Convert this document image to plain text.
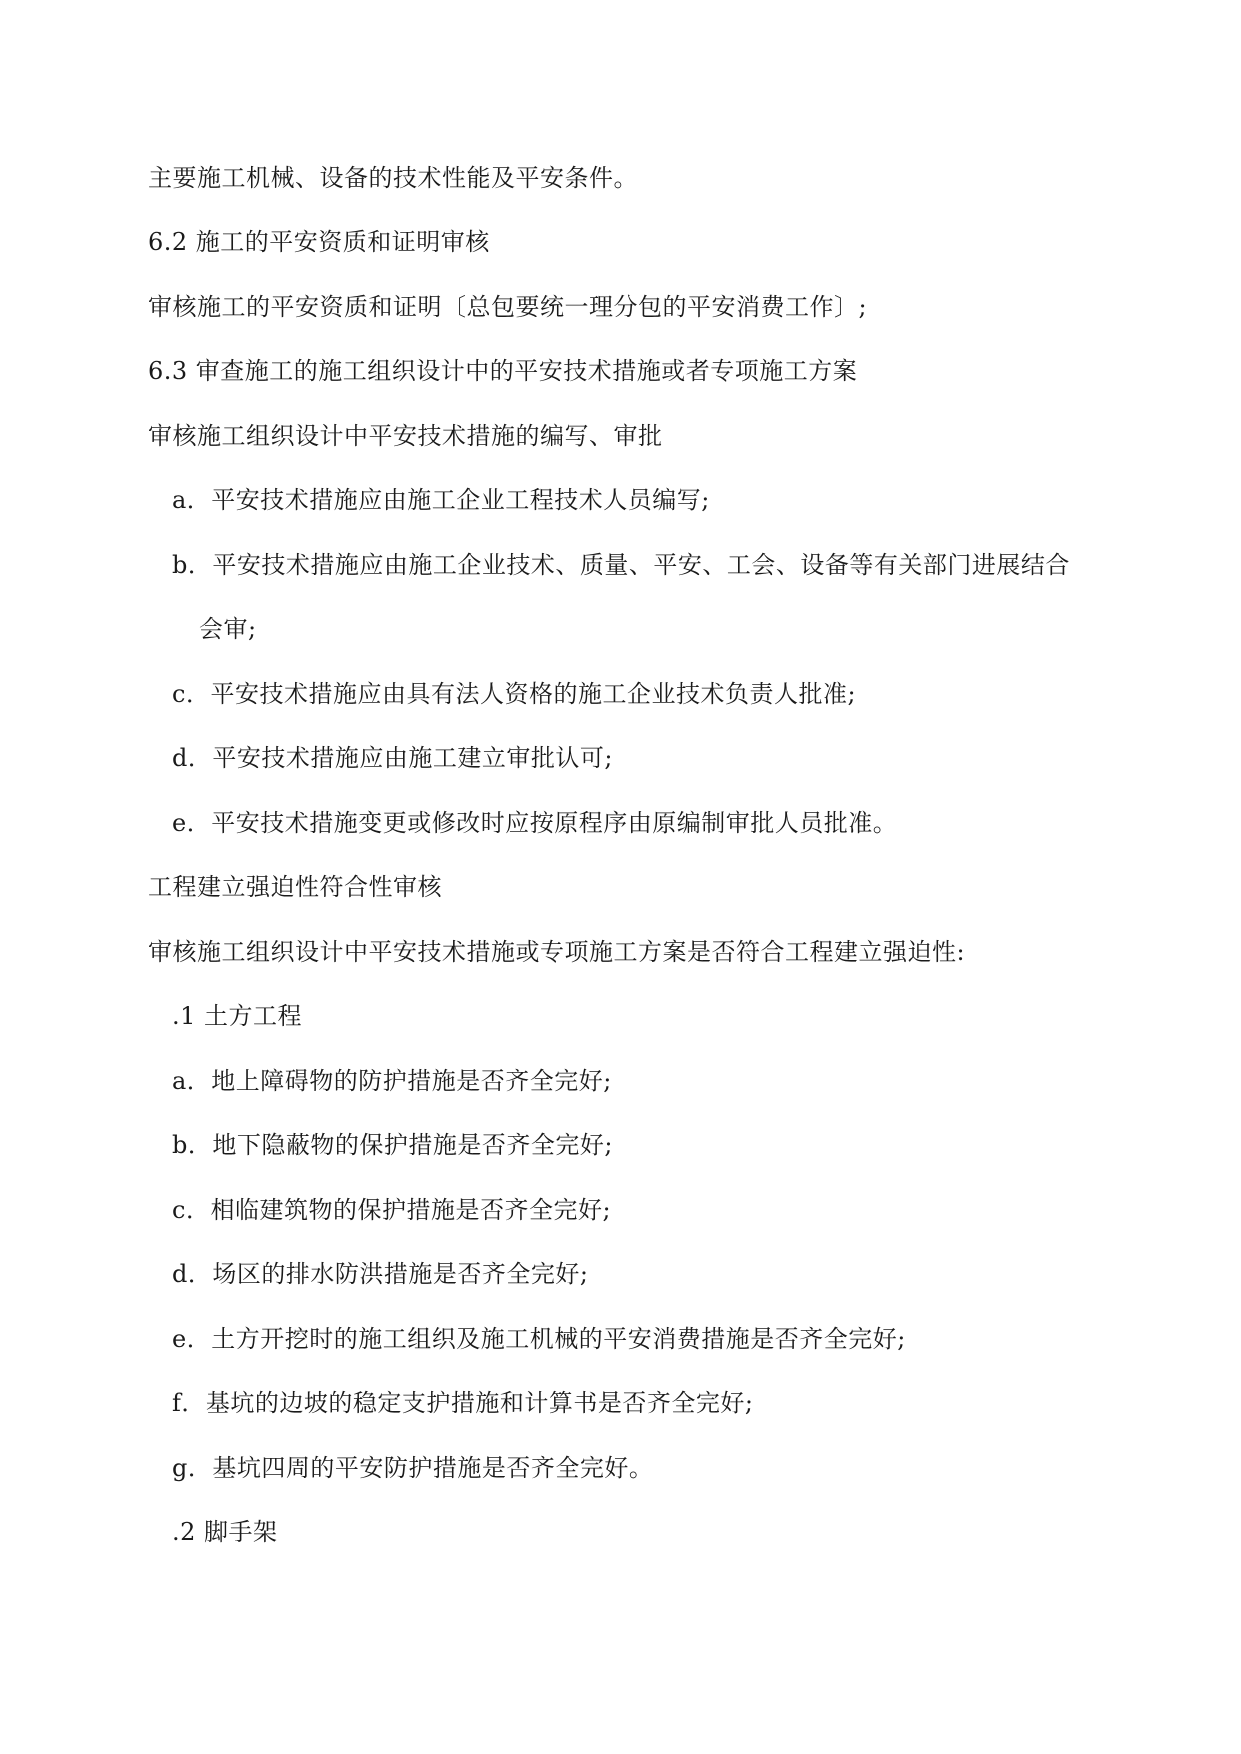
主要施工机械、设备的技术性能及平安条件。
6.2 施工的平安资质和证明审核
审核施工的平安资质和证明〔总包要统一理分包的平安消费工作〕;
6.3 审查施工的施工组织设计中的平安技术措施或者专项施工方案
审核施工组织设计中平安技术措施的编写、审批
a．平安技术措施应由施工企业工程技术人员编写;
b．平安技术措施应由施工企业技术、质量、平安、工会、设备等有关部门进展结合
会审;
c．平安技术措施应由具有法人资格的施工企业技术负责人批准;
d．平安技术措施应由施工建立审批认可;
e．平安技术措施变更或修改时应按原程序由原编制审批人员批准。
工程建立强迫性符合性审核
审核施工组织设计中平安技术措施或专项施工方案是否符合工程建立强迫性:
.1 土方工程
a．地上障碍物的防护措施是否齐全完好;
b．地下隐蔽物的保护措施是否齐全完好;
c．相临建筑物的保护措施是否齐全完好;
d．场区的排水防洪措施是否齐全完好;
e．土方开挖时的施工组织及施工机械的平安消费措施是否齐全完好;
f．基坑的边坡的稳定支护措施和计算书是否齐全完好;
g．基坑四周的平安防护措施是否齐全完好。
.2 脚手架
